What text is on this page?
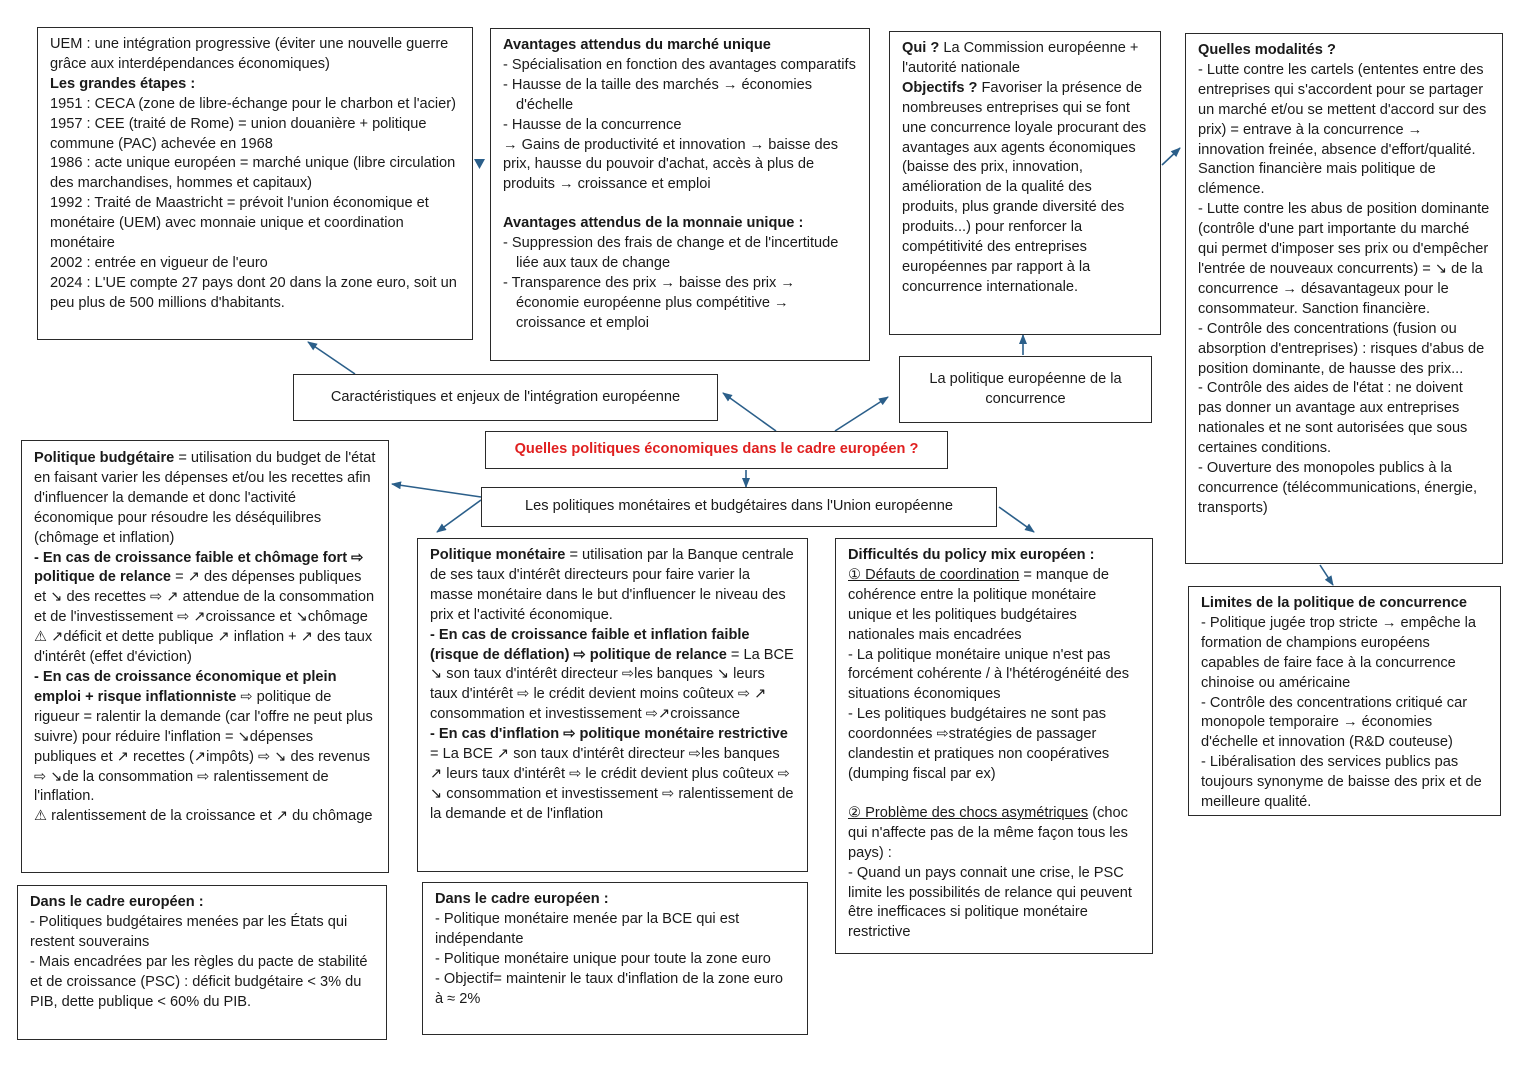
UEM : une intégration progressive (éviter une nouvelle guerre grâce aux interdépendances économiques)

Les grandes étapes :

1951 : CECA (zone de libre-échange pour le charbon et l'acier)

1957 : CEE (traité de Rome) = union douanière + politique commune (PAC) achevée en 1968

1986 : acte unique européen = marché unique (libre circulation des marchandises, hommes et capitaux)

1992 : Traité de Maastricht = prévoit l'union économique et monétaire (UEM) avec monnaie unique et coordination monétaire

2002 : entrée en vigueur de l'euro

2024 : L'UE compte 27 pays dont 20 dans la zone euro, soit un peu plus de 500 millions d'habitants.

Avantages attendus du marché unique

- Spécialisation en fonction des avantages comparatifs

- Hausse de la taille des marchés → économies d'échelle

- Hausse de la concurrence

→ Gains de productivité et innovation → baisse des prix, hausse du pouvoir d'achat, accès à plus de produits → croissance et emploi

Avantages attendus de la monnaie unique :

- Suppression des frais de change et de l'incertitude liée aux taux de change

- Transparence des prix → baisse des prix → économie européenne plus compétitive → croissance et emploi

Qui ? La Commission européenne + l'autorité nationale

Objectifs ? Favoriser la présence de nombreuses entreprises qui se font une concurrence loyale procurant des avantages aux agents économiques (baisse des prix, innovation, amélioration de la qualité des produits, plus grande diversité des produits...) pour renforcer la compétitivité des entreprises européennes par rapport à la concurrence internationale.

Quelles modalités ?

- Lutte contre les cartels (ententes entre des entreprises qui s'accordent pour se partager un marché et/ou se mettent d'accord sur des prix) = entrave à la concurrence → innovation freinée, absence d'effort/qualité. Sanction financière mais politique de clémence.

- Lutte contre les abus de position dominante (contrôle d'une part importante du marché qui permet d'imposer ses prix ou d'empêcher l'entrée de nouveaux concurrents) = ↘ de la concurrence → désavantageux pour le consommateur. Sanction financière.

- Contrôle des concentrations (fusion ou absorption d'entreprises) : risques d'abus de position dominante, de hausse des prix...

- Contrôle des aides de l'état : ne doivent pas donner un avantage aux entreprises nationales et ne sont autorisées que sous certaines conditions.

- Ouverture des monopoles publics à la concurrence (télécommunications, énergie, transports)

Caractéristiques et enjeux de l'intégration européenne
La politique européenne de la concurrence
Quelles politiques économiques dans le cadre européen ?
Les politiques monétaires et budgétaires dans l'Union européenne

Politique budgétaire = utilisation du budget de l'état en faisant varier les dépenses et/ou les recettes afin d'influencer la demande et donc l'activité économique pour résoudre les déséquilibres (chômage et inflation)

- En cas de croissance faible et chômage fort ⇨ politique de relance = ↗ des dépenses publiques et ↘ des recettes ⇨ ↗ attendue de la consommation et de l'investissement ⇨ ↗croissance et ↘chômage

⚠ ↗déficit et dette publique ↗ inflation + ↗ des taux d'intérêt (effet d'éviction)

- En cas de croissance économique et plein emploi + risque inflationniste ⇨ politique de rigueur = ralentir la demande (car l'offre ne peut plus suivre) pour réduire l'inflation = ↘dépenses publiques et ↗ recettes (↗impôts) ⇨ ↘ des revenus ⇨ ↘de la consommation ⇨ ralentissement de l'inflation.

⚠ ralentissement de la croissance et ↗ du chômage

Politique monétaire = utilisation par la Banque centrale de ses taux d'intérêt directeurs pour faire varier la masse monétaire dans le but d'influencer le niveau des prix et l'activité économique.

- En cas de croissance faible et inflation faible (risque de déflation) ⇨ politique de relance = La BCE ↘ son taux d'intérêt directeur ⇨les banques ↘ leurs taux d'intérêt ⇨ le crédit devient moins coûteux ⇨ ↗ consommation et investissement ⇨↗croissance

- En cas d'inflation ⇨ politique monétaire restrictive = La BCE ↗ son taux d'intérêt directeur ⇨les banques ↗ leurs taux d'intérêt ⇨ le crédit devient plus coûteux ⇨ ↘ consommation et investissement ⇨ ralentissement de la demande et de l'inflation

Difficultés du policy mix européen :

① Défauts de coordination = manque de cohérence entre la politique monétaire unique et les politiques budgétaires nationales mais encadrées

- La politique monétaire unique n'est pas forcément cohérente / à l'hétérogénéité des situations économiques

- Les politiques budgétaires ne sont pas coordonnées ⇨stratégies de passager clandestin et pratiques non coopératives (dumping fiscal par ex)

② Problème des chocs asymétriques (choc qui n'affecte pas de la même façon tous les pays) :

- Quand un pays connait une crise, le PSC limite les possibilités de relance qui peuvent être inefficaces si politique monétaire restrictive

Limites de la politique de concurrence

- Politique jugée trop stricte → empêche la formation de champions européens capables de faire face à la concurrence chinoise ou américaine

- Contrôle des concentrations critiqué car monopole temporaire → économies d'échelle et innovation (R&D couteuse)

- Libéralisation des services publics pas toujours synonyme de baisse des prix et de meilleure qualité.

Dans le cadre européen :

- Politiques budgétaires menées par les États qui restent souverains

- Mais encadrées par les règles du pacte de stabilité et de croissance (PSC) : déficit budgétaire < 3% du PIB, dette publique < 60% du PIB.

Dans le cadre européen :

- Politique monétaire menée par la BCE qui est indépendante

- Politique monétaire unique pour toute la zone euro

- Objectif= maintenir le taux d'inflation de la zone euro à ≈ 2%
